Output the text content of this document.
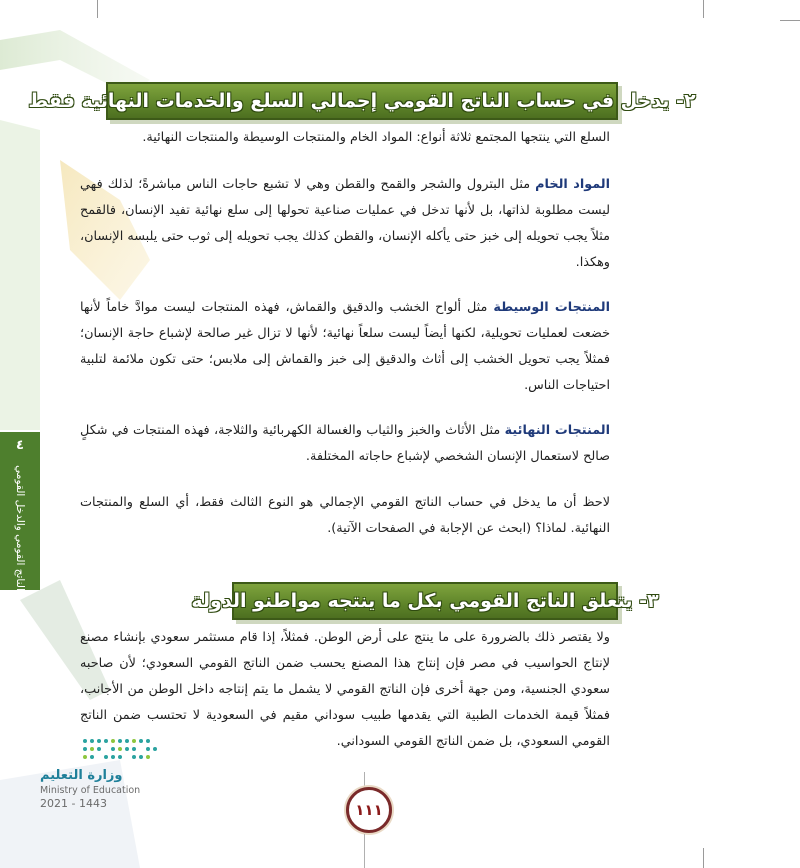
٢- يدخل في حساب الناتج القومي إجمالي السلع والخدمات النهائية فقط
السلع التي ينتجها المجتمع ثلاثة أنواع: المواد الخام والمنتجات الوسيطة والمنتجات النهائية.
المواد الخام مثل البترول والشجر والقمح والقطن وهي لا تشبع حاجات الناس مباشرةً؛ لذلك فهي ليست مطلوبة لذاتها، بل لأنها تدخل في عمليات صناعية تحولها إلى سلع نهائية تفيد الإنسان، فالقمح مثلاً يجب تحويله إلى خبز حتى يأكله الإنسان، والقطن كذلك يجب تحويله إلى ثوب حتى يلبسه الإنسان، وهكذا.
المنتجات الوسيطة مثل ألواح الخشب والدقيق والقماش، فهذه المنتجات ليست موادَّ خاماً لأنها خضعت لعمليات تحويلية، لكنها أيضاً ليست سلعاً نهائية؛ لأنها لا تزال غير صالحة لإشباع حاجة الإنسان؛ فمثلاً يجب تحويل الخشب إلى أثاث والدقيق إلى خبز والقماش إلى ملابس؛ حتى تكون ملائمة لتلبية احتياجات الناس.
المنتجات النهائية مثل الأثاث والخبز والثياب والغسالة الكهربائية والثلاجة، فهذه المنتجات في شكلٍ صالح لاستعمال الإنسان الشخصي لإشباع حاجاته المختلفة.
لاحظ أن ما يدخل في حساب الناتج القومي الإجمالي هو النوع الثالث فقط، أي السلع والمنتجات النهائية. لماذا؟ (ابحث عن الإجابة في الصفحات الآتية).
٣- يتعلق الناتج القومي بكل ما ينتجه مواطنو الدولة
ولا يقتصر ذلك بالضرورة على ما ينتج على أرض الوطن. فمثلاً، إذا قام مستثمر سعودي بإنشاء مصنع لإنتاج الحواسيب في مصر فإن إنتاج هذا المصنع يحسب ضمن الناتج القومي السعودي؛ لأن صاحبه سعودي الجنسية، ومن جهة أخرى فإن الناتج القومي لا يشمل ما يتم إنتاجه داخل الوطن من الأجانب، فمثلاً قيمة الخدمات الطبية التي يقدمها طبيب سوداني مقيم في السعودية لا تحتسب ضمن الناتج القومي السعودي، بل ضمن الناتج القومي السوداني.
٤
الناتج القومي والدخل القومي
وزارة التعليم
Ministry of Education
2021 - 1443	١١١
